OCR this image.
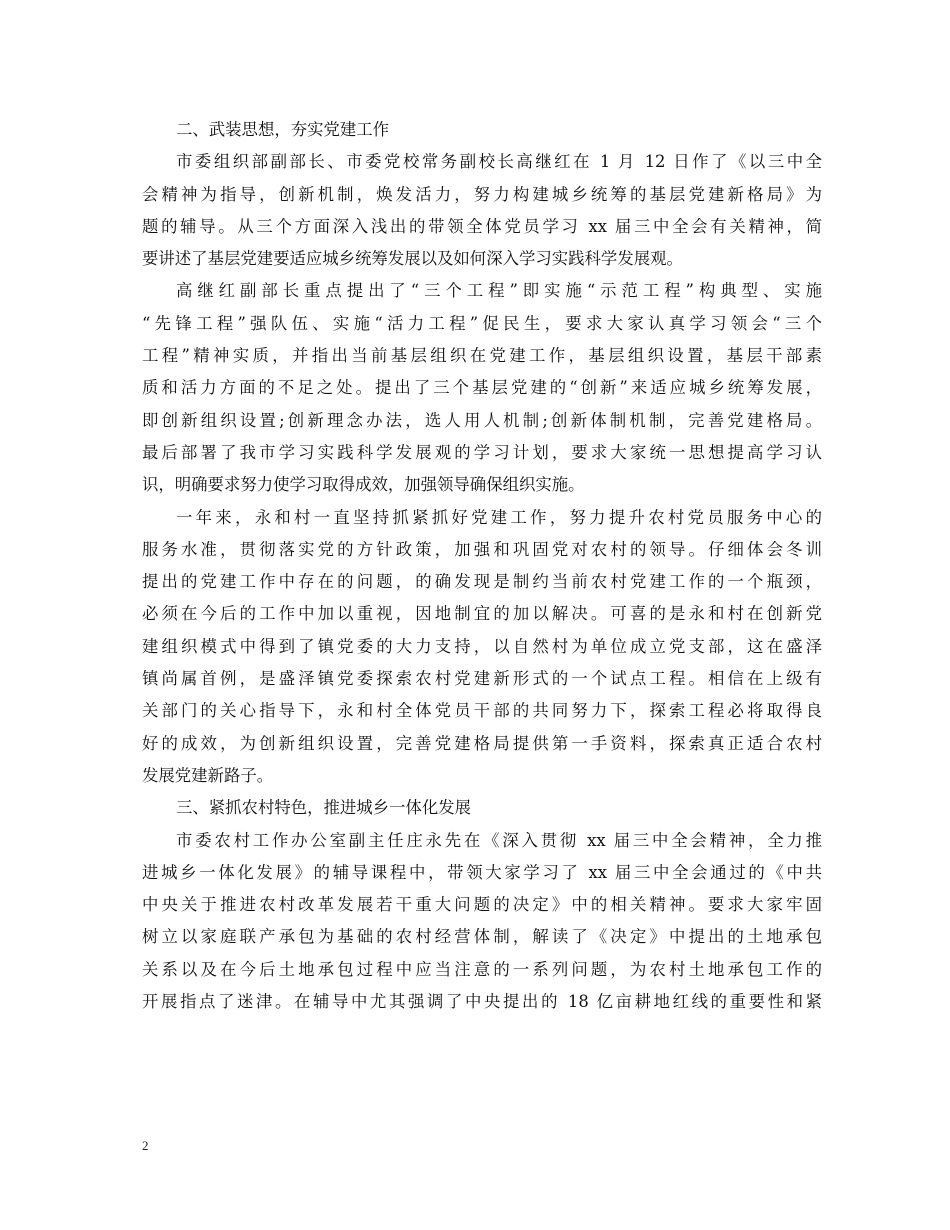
二、武装思想，夯实党建工作
市委组织部副部长、市委党校常务副校长高继红在 1 月 12 日作了《以三中全
会精神为指导，创新机制，焕发活力，努力构建城乡统筹的基层党建新格局》为
题的辅导。从三个方面深入浅出的带领全体党员学习 xx 届三中全会有关精神，简
要讲述了基层党建要适应城乡统筹发展以及如何深入学习实践科学发展观。
高继红副部长重点提出了“三个工程”即实施“示范工程”构典型、实施
“先锋工程”强队伍、实施“活力工程”促民生，要求大家认真学习领会“三个
工程”精神实质，并指出当前基层组织在党建工作，基层组织设置，基层干部素
质和活力方面的不足之处。提出了三个基层党建的“创新”来适应城乡统筹发展，
即创新组织设置;创新理念办法，选人用人机制;创新体制机制，完善党建格局。
最后部署了我市学习实践科学发展观的学习计划，要求大家统一思想提高学习认
识，明确要求努力使学习取得成效，加强领导确保组织实施。
一年来，永和村一直坚持抓紧抓好党建工作，努力提升农村党员服务中心的
服务水准，贯彻落实党的方针政策，加强和巩固党对农村的领导。仔细体会冬训
提出的党建工作中存在的问题，的确发现是制约当前农村党建工作的一个瓶颈，
必须在今后的工作中加以重视，因地制宜的加以解决。可喜的是永和村在创新党
建组织模式中得到了镇党委的大力支持，以自然村为单位成立党支部，这在盛泽
镇尚属首例，是盛泽镇党委探索农村党建新形式的一个试点工程。相信在上级有
关部门的关心指导下，永和村全体党员干部的共同努力下，探索工程必将取得良
好的成效，为创新组织设置，完善党建格局提供第一手资料，探索真正适合农村
发展党建新路子。
三、紧抓农村特色，推进城乡一体化发展
市委农村工作办公室副主任庄永先在《深入贯彻 xx 届三中全会精神，全力推
进城乡一体化发展》的辅导课程中，带领大家学习了 xx 届三中全会通过的《中共
中央关于推进农村改革发展若干重大问题的决定》中的相关精神。要求大家牢固
树立以家庭联产承包为基础的农村经营体制，解读了《决定》中提出的土地承包
关系以及在今后土地承包过程中应当注意的一系列问题，为农村土地承包工作的
开展指点了迷津。在辅导中尤其强调了中央提出的 18 亿亩耕地红线的重要性和紧
2
